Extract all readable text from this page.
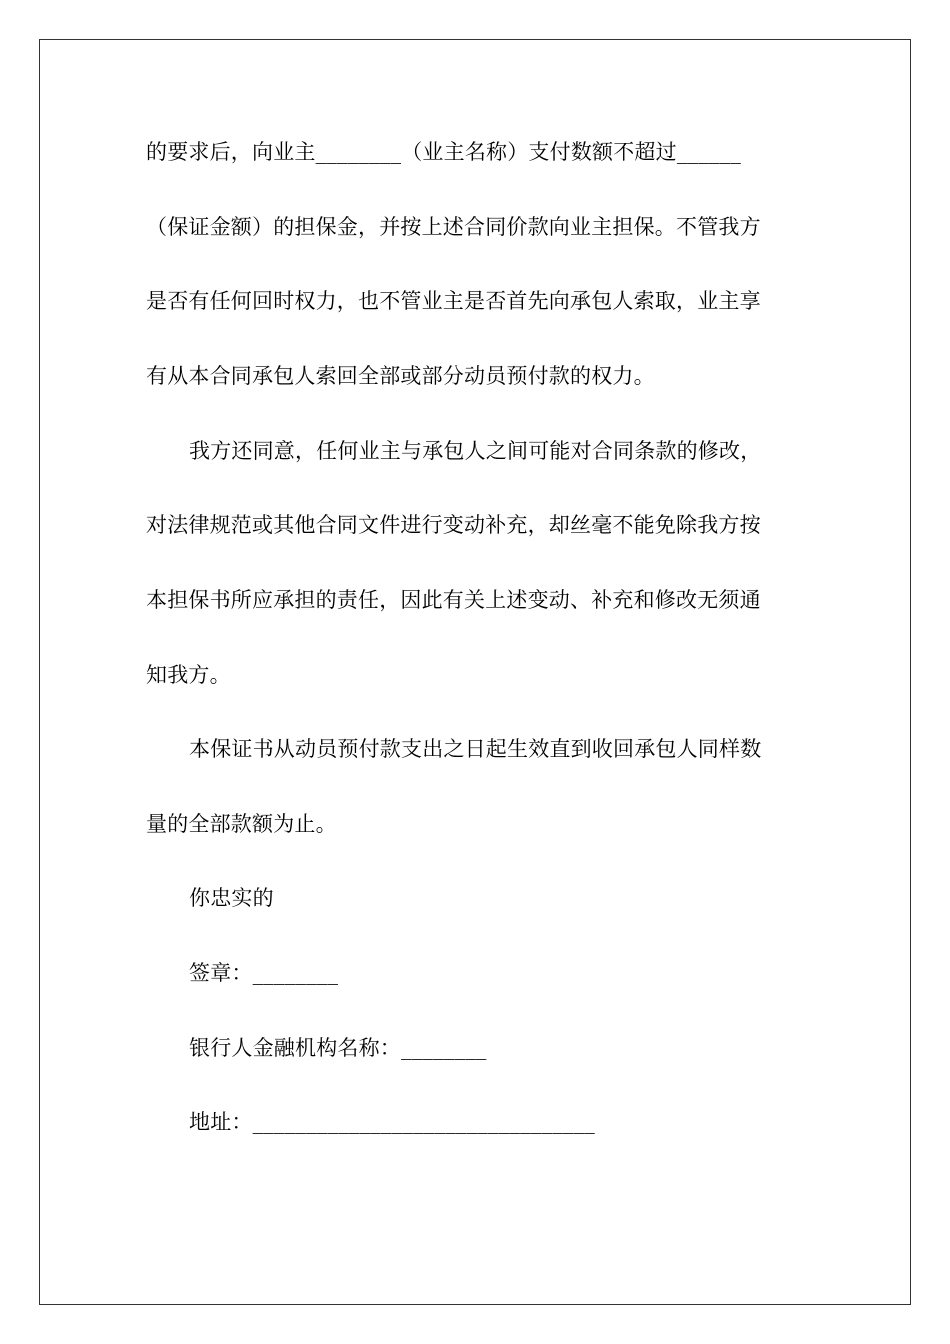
的要求后，向业主________（业主名称）支付数额不超过______
（保证金额）的担保金，并按上述合同价款向业主担保。不管我方
是否有任何回时权力，也不管业主是否首先向承包人索取，业主享
有从本合同承包人索回全部或部分动员预付款的权力。
我方还同意，任何业主与承包人之间可能对合同条款的修改，
对法律规范或其他合同文件进行变动补充，却丝毫不能免除我方按
本担保书所应承担的责任，因此有关上述变动、补充和修改无须通
知我方。
本保证书从动员预付款支出之日起生效直到收回承包人同样数
量的全部款额为止。
你忠实的
签章：________
银行人金融机构名称：________
地址：________________________________
